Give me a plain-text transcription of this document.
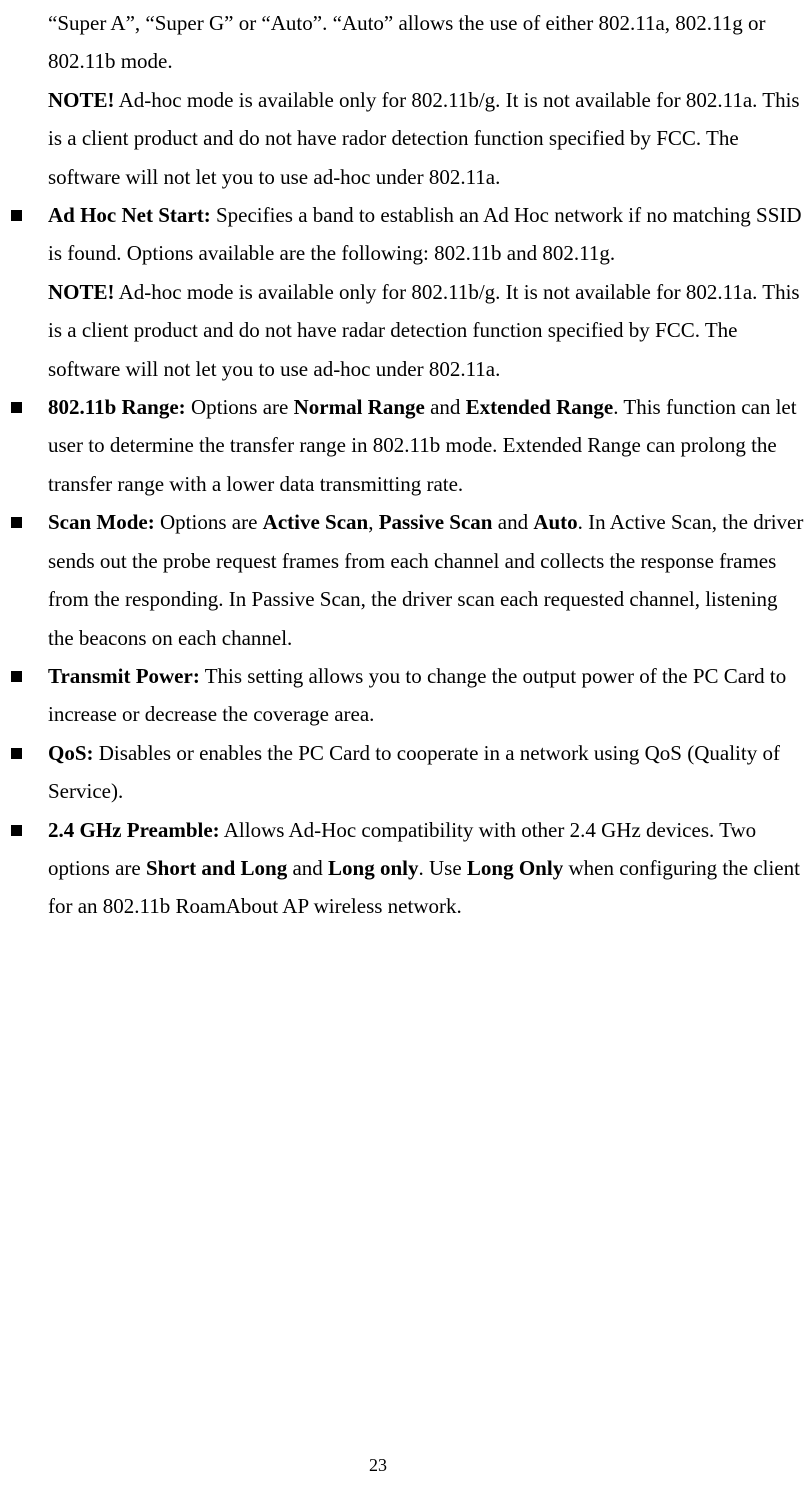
“Super A”, “Super G” or “Auto”. “Auto” allows the use of either 802.11a, 802.11g or 802.11b mode.

NOTE! Ad-hoc mode is available only for 802.11b/g. It is not available for 802.11a. This is a client product and do not have rador detection function specified by FCC. The software will not let you to use ad-hoc under 802.11a.

Ad Hoc Net Start: Specifies a band to establish an Ad Hoc network if no matching SSID is found. Options available are the following: 802.11b and 802.11g.

NOTE! Ad-hoc mode is available only for 802.11b/g. It is not available for 802.11a. This is a client product and do not have radar detection function specified by FCC. The software will not let you to use ad-hoc under 802.11a.

802.11b Range: Options are Normal Range and Extended Range. This function can let user to determine the transfer range in 802.11b mode. Extended Range can prolong the transfer range with a lower data transmitting rate.

Scan Mode: Options are Active Scan, Passive Scan and Auto. In Active Scan, the driver sends out the probe request frames from each channel and collects the response frames from the responding. In Passive Scan, the driver scan each requested channel, listening the beacons on each channel.

Transmit Power: This setting allows you to change the output power of the PC Card to increase or decrease the coverage area.

QoS: Disables or enables the PC Card to cooperate in a network using QoS (Quality of Service).

2.4 GHz Preamble: Allows Ad-Hoc compatibility with other 2.4 GHz devices. Two options are Short and Long and Long only. Use Long Only when configuring the client for an 802.11b RoamAbout AP wireless network.

23
